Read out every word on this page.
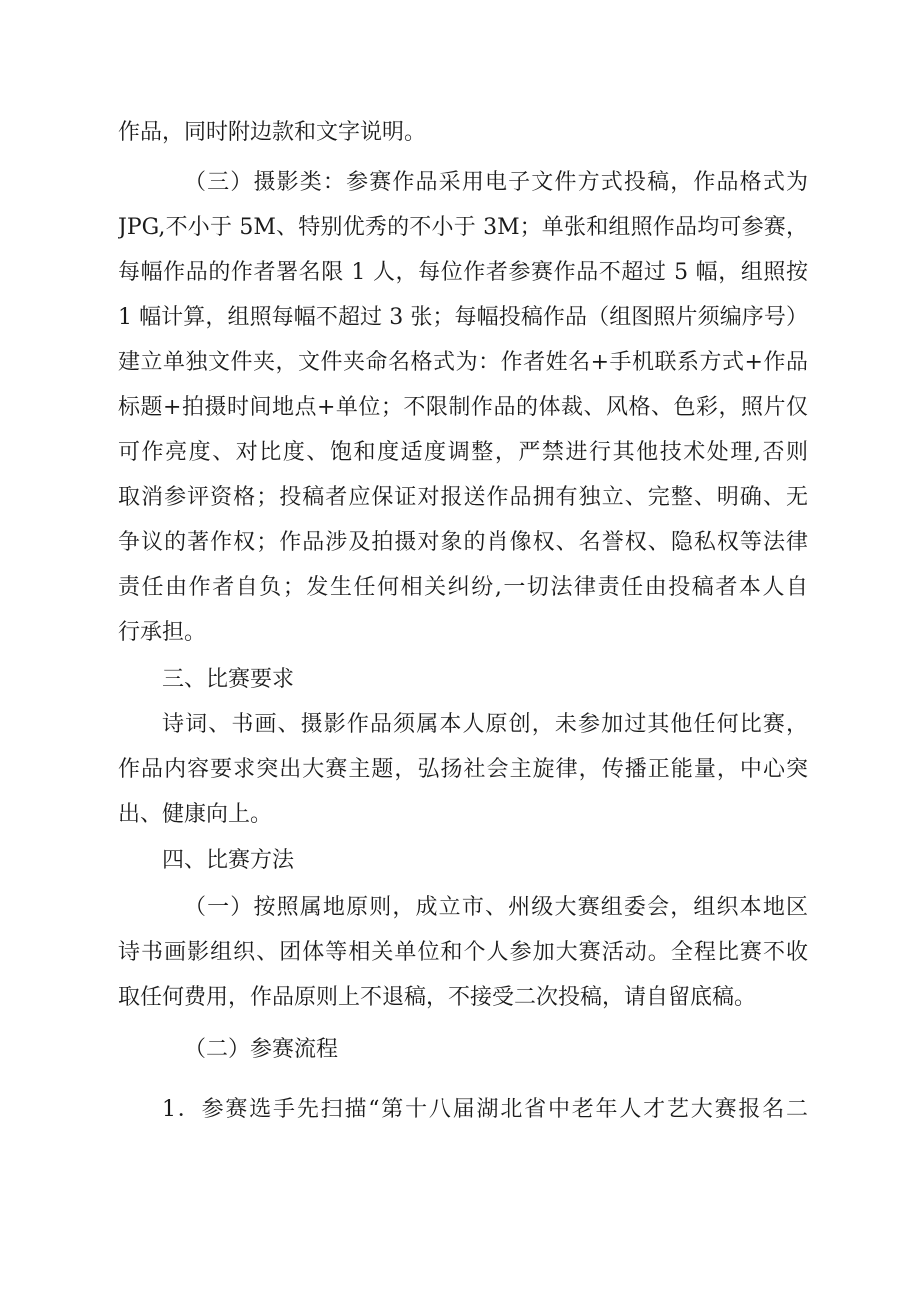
作品，同时附边款和文字说明。
（三）摄影类：参赛作品采用电子文件方式投稿，作品格式为
JPG,不小于 5M、特别优秀的不小于 3M；单张和组照作品均可参赛，
每幅作品的作者署名限 1 人，每位作者参赛作品不超过 5 幅，组照按
1 幅计算，组照每幅不超过 3 张；每幅投稿作品（组图照片须编序号）
建立单独文件夹，文件夹命名格式为：作者姓名+手机联系方式+作品
标题+拍摄时间地点+单位；不限制作品的体裁、风格、色彩，照片仅
可作亮度、对比度、饱和度适度调整，严禁进行其他技术处理,否则
取消参评资格；投稿者应保证对报送作品拥有独立、完整、明确、无
争议的著作权；作品涉及拍摄对象的肖像权、名誉权、隐私权等法律
责任由作者自负；发生任何相关纠纷,一切法律责任由投稿者本人自
行承担。
三、比赛要求
诗词、书画、摄影作品须属本人原创，未参加过其他任何比赛，
作品内容要求突出大赛主题，弘扬社会主旋律，传播正能量，中心突
出、健康向上。
四、比赛方法
（一）按照属地原则，成立市、州级大赛组委会，组织本地区
诗书画影组织、团体等相关单位和个人参加大赛活动。全程比赛不收
取任何费用，作品原则上不退稿，不接受二次投稿，请自留底稿。
（二）参赛流程
1．参赛选手先扫描“第十八届湖北省中老年人才艺大赛报名二
